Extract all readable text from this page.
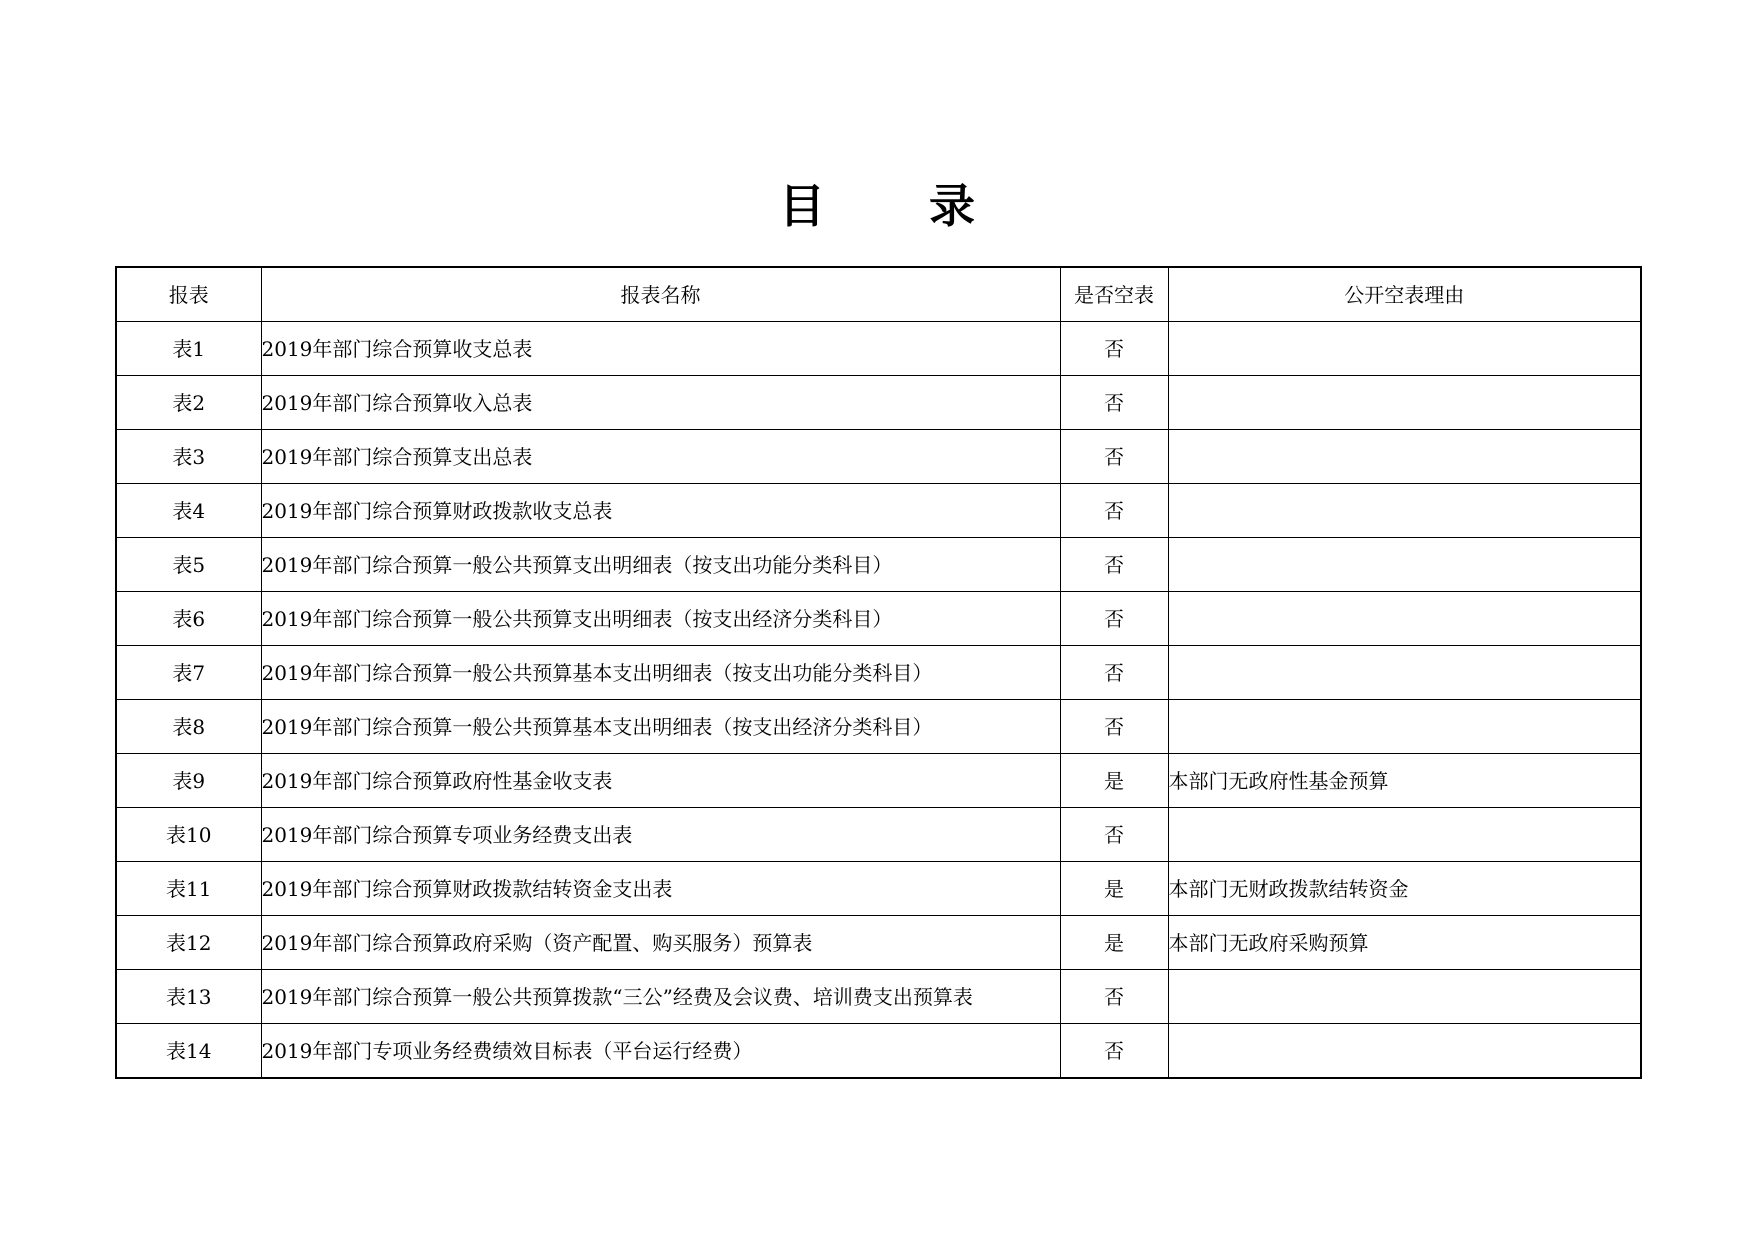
目 录
报表	报表名称	是否空表	公开空表理由
表1	2019年部门综合预算收支总表	否	
表2	2019年部门综合预算收入总表	否	
表3	2019年部门综合预算支出总表	否	
表4	2019年部门综合预算财政拨款收支总表	否	
表5	2019年部门综合预算一般公共预算支出明细表（按支出功能分类科目）	否	
表6	2019年部门综合预算一般公共预算支出明细表（按支出经济分类科目）	否	
表7	2019年部门综合预算一般公共预算基本支出明细表（按支出功能分类科目）	否	
表8	2019年部门综合预算一般公共预算基本支出明细表（按支出经济分类科目）	否	
表9	2019年部门综合预算政府性基金收支表	是	本部门无政府性基金预算
表10	2019年部门综合预算专项业务经费支出表	否	
表11	2019年部门综合预算财政拨款结转资金支出表	是	本部门无财政拨款结转资金
表12	2019年部门综合预算政府采购（资产配置、购买服务）预算表	是	本部门无政府采购预算
表13	2019年部门综合预算一般公共预算拨款“三公”经费及会议费、培训费支出预算表	否	
表14	2019年部门专项业务经费绩效目标表（平台运行经费）	否	
